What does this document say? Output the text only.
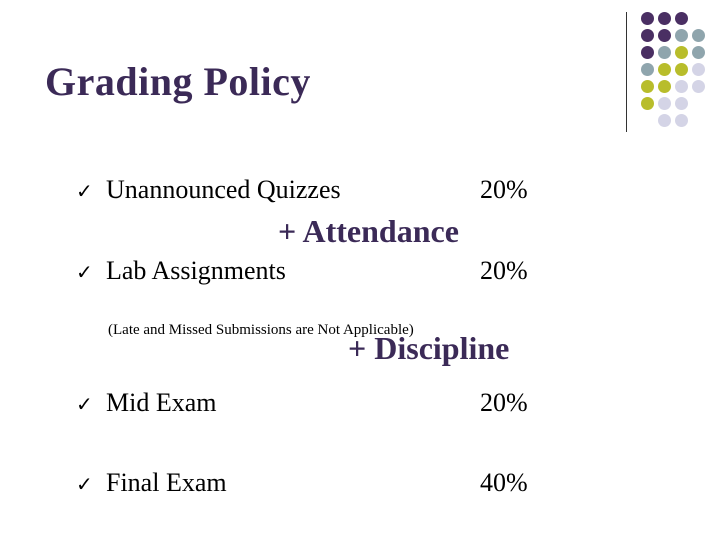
Grading Policy
✓ Unannounced Quizzes	20%
+ Attendance
✓ Lab Assignments	20%
(Late and Missed Submissions are Not Applicable)
+ Discipline
✓ Mid Exam	20%
✓ Final Exam	40%
